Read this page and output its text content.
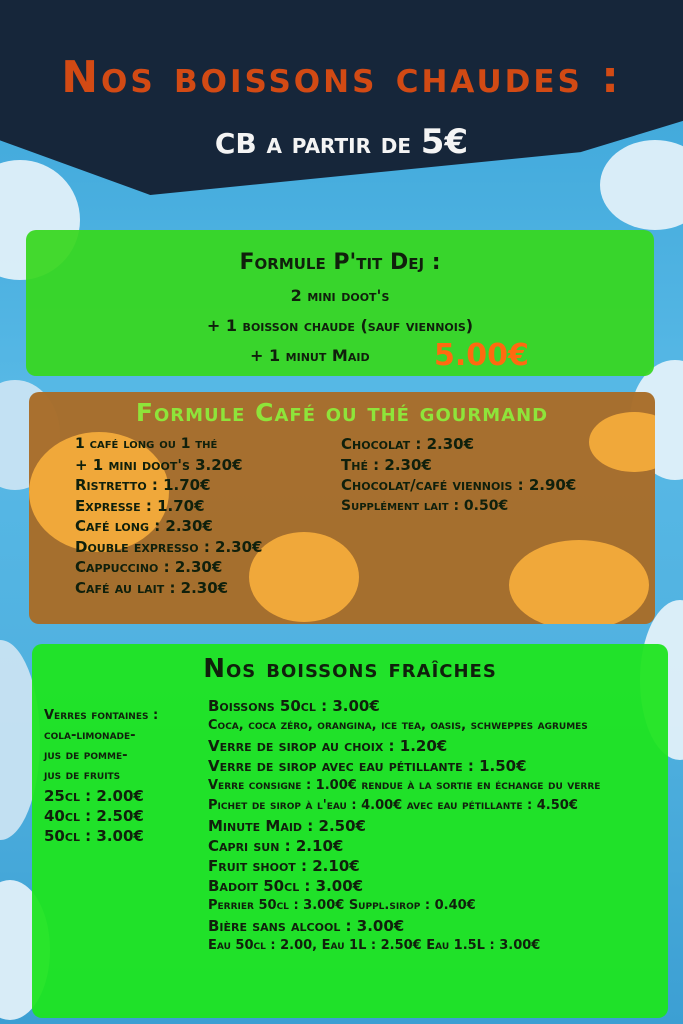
Nos boissons chaudes :
CB a partir de 5€
Formule P'tit Dej :
2 mini doot's
+ 1 boisson chaude (sauf viennois)
+ 1 minut Maid 5.00€
Formule Café ou thé gourmand
1 café long ou 1 thé
+ 1 mini doot's 3.20€
Ristretto : 1.70€
Expresse : 1.70€
Café long : 2.30€
Double expresso : 2.30€
Cappuccino : 2.30€
Café au lait : 2.30€
Chocolat : 2.30€
Thé : 2.30€
Chocolat/café viennois : 2.90€
Supplément lait : 0.50€
Nos boissons fraîches
Verres fontaines :
cola-limonade-
jus de pomme-
jus de fruits
25cl : 2.00€
40cl : 2.50€
50cl : 3.00€
Boissons 50cl : 3.00€
Coca, coca zéro, orangina, ice tea, oasis, schweppes agrumes
Verre de sirop au choix : 1.20€
Verre de sirop avec eau pétillante : 1.50€
Verre consigne : 1.00€ rendue à la sortie en échange du verre
Pichet de sirop à l'eau : 4.00€ avec eau pétillante : 4.50€
Minute Maid : 2.50€
Capri sun : 2.10€
Fruit shoot : 2.10€
Badoit 50cl : 3.00€
Perrier 50cl : 3.00€ Suppl.sirop : 0.40€
Bière sans alcool : 3.00€
Eau 50cl : 2.00, Eau 1L : 2.50€ Eau 1.5L : 3.00€
